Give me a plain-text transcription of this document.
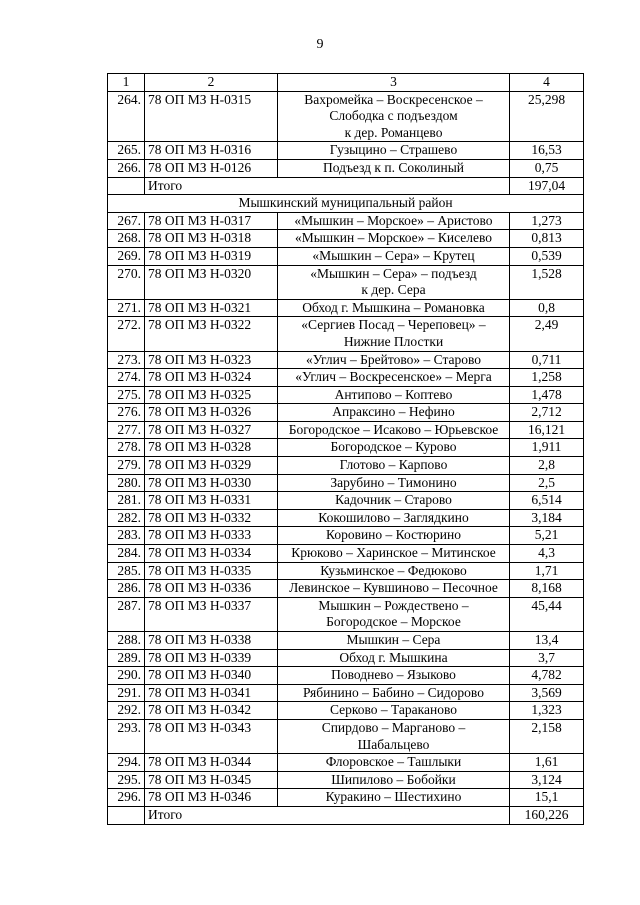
9
1	2	3	4
264.	78 ОП МЗ Н-0315	Вахромейка – Воскресенское –
Слободка с подъездом
к дер. Романцево	25,298
265.	78 ОП МЗ Н-0316	Гузыцино – Страшево	16,53
266.	78 ОП МЗ Н-0126	Подъезд к п. Соколиный	0,75
	Итого		197,04
Мышкинский муниципальный район			
267.	78 ОП МЗ Н-0317	«Мышкин – Морское» – Аристово	1,273
268.	78 ОП МЗ Н-0318	«Мышкин – Морское» – Киселево	0,813
269.	78 ОП МЗ Н-0319	«Мышкин – Сера» – Крутец	0,539
270.	78 ОП МЗ Н-0320	«Мышкин – Сера» – подъезд
к дер. Сера	1,528
271.	78 ОП МЗ Н-0321	Обход г. Мышкина – Романовка	0,8
272.	78 ОП МЗ Н-0322	«Сергиев Посад – Череповец» –
Нижние Плостки	2,49
273.	78 ОП МЗ Н-0323	«Углич – Брейтово» – Старово	0,711
274.	78 ОП МЗ Н-0324	«Углич – Воскресенское» – Мерга	1,258
275.	78 ОП МЗ Н-0325	Антипово – Коптево	1,478
276.	78 ОП МЗ Н-0326	Апраксино – Нефино	2,712
277.	78 ОП МЗ Н-0327	Богородское – Исаково – Юрьевское	16,121
278.	78 ОП МЗ Н-0328	Богородское – Курово	1,911
279.	78 ОП МЗ Н-0329	Глотово – Карпово	2,8
280.	78 ОП МЗ Н-0330	Зарубино – Тимонино	2,5
281.	78 ОП МЗ Н-0331	Кадочник – Старово	6,514
282.	78 ОП МЗ Н-0332	Кокошилово – Заглядкино	3,184
283.	78 ОП МЗ Н-0333	Коровино – Костюрино	5,21
284.	78 ОП МЗ Н-0334	Крюково – Харинское – Митинское	4,3
285.	78 ОП МЗ Н-0335	Кузьминское – Федюково	1,71
286.	78 ОП МЗ Н-0336	Левинское – Кувшиново – Песочное	8,168
287.	78 ОП МЗ Н-0337	Мышкин – Рождествено –
Богородское – Морское	45,44
288.	78 ОП МЗ Н-0338	Мышкин – Сера	13,4
289.	78 ОП МЗ Н-0339	Обход г. Мышкина	3,7
290.	78 ОП МЗ Н-0340	Поводнево – Языково	4,782
291.	78 ОП МЗ Н-0341	Рябинино – Бабино – Сидорово	3,569
292.	78 ОП МЗ Н-0342	Серково – Тараканово	1,323
293.	78 ОП МЗ Н-0343	Спирдово – Марганово –
Шабальцево	2,158
294.	78 ОП МЗ Н-0344	Флоровское – Ташлыки	1,61
295.	78 ОП МЗ Н-0345	Шипилово – Бобойки	3,124
296.	78 ОП МЗ Н-0346	Куракино – Шестихино	15,1
	Итого		160,226
